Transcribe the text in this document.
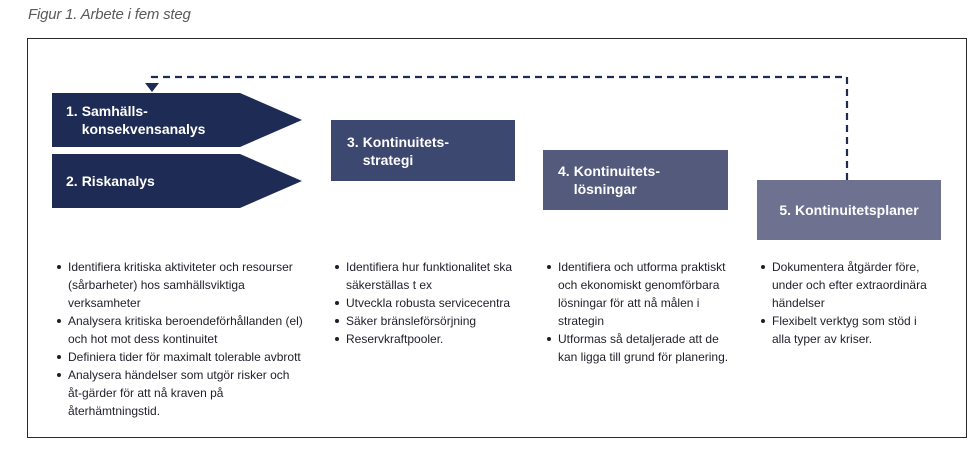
Figur 1. Arbete i fem steg
1. Samhälls-
konsekvensanalys
2. Riskanalys
3. Kontinuitets-
strategi
4. Kontinuitets-
lösningar
5. Kontinuitetsplaner
Identifiera kritiska aktiviteter och resourser (sårbarheter) hos samhällsviktiga verksamheter
Analysera kritiska beroendeförhållanden (el) och hot mot dess kontinuitet
Definiera tider för maximalt tolerable avbrott
Analysera händelser som utgör risker och åt-gärder för att nå kraven på återhämtningstid.
Identifiera hur funktionalitet ska säkerställas t ex
Utveckla robusta servicecentra
Säker bränsleförsörjning
Reservkraftpooler.
Identifiera och utforma praktiskt och ekonomiskt genomförbara lösningar för att nå målen i strategin
Utformas så detaljerade att de kan ligga till grund för planering.
Dokumentera åtgärder före, under och efter extraordinära händelser
Flexibelt verktyg som stöd i alla typer av kriser.
